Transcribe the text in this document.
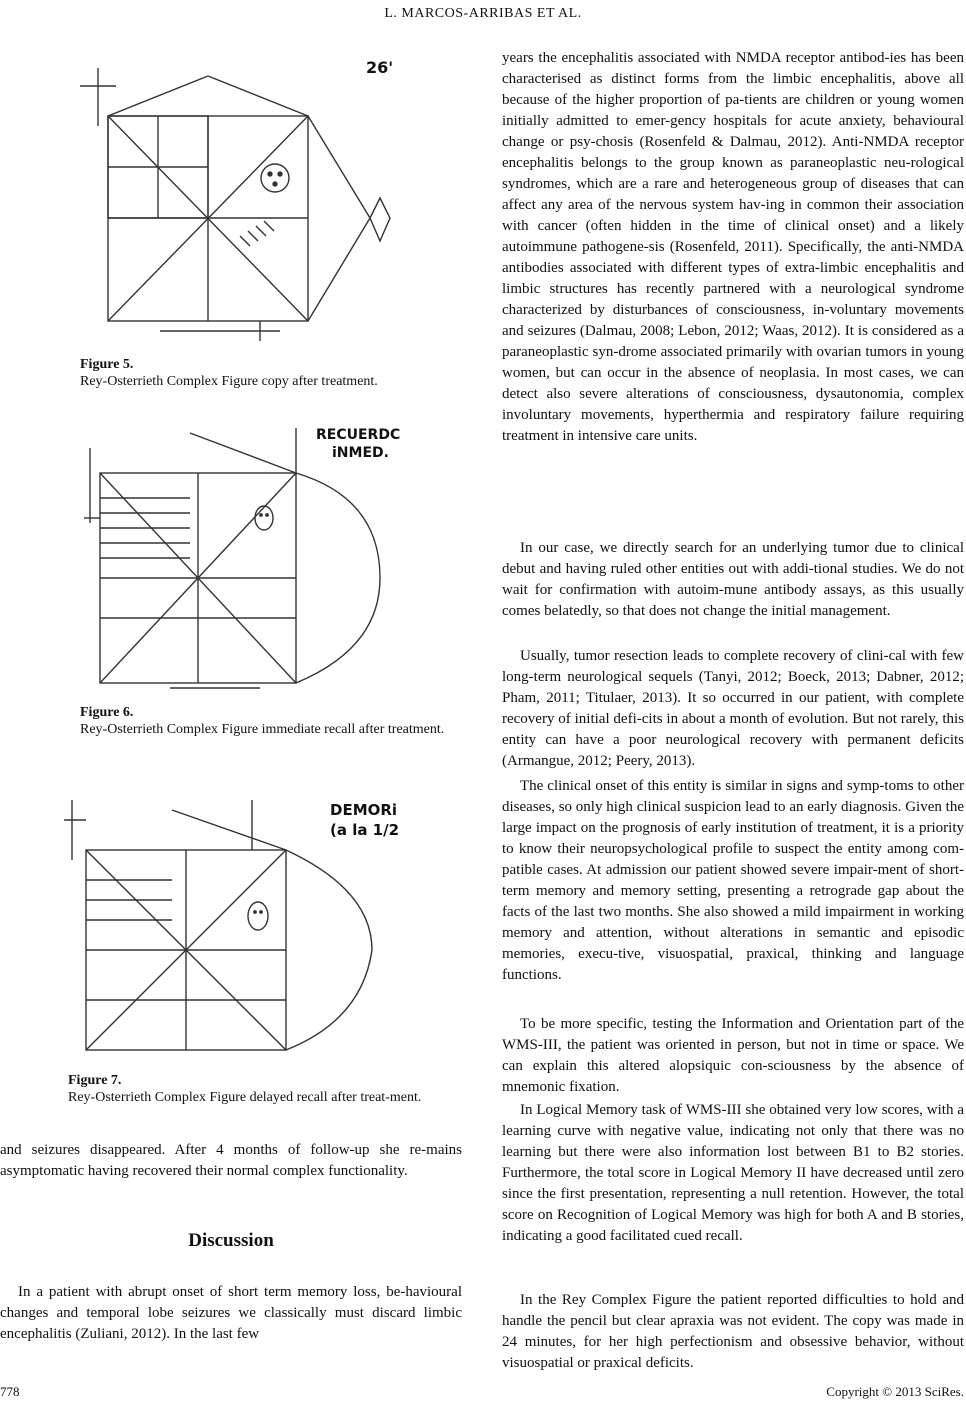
L. MARCOS-ARRIBAS ET AL.
26'
Figure 5.
Rey-Osterrieth Complex Figure copy after treatment.
RECUERDC
iNMED.
Figure 6.
Rey-Osterrieth Complex Figure immediate recall after treatment.
DEMORi
(a la 1/2
Figure 7.
Rey-Osterrieth Complex Figure delayed recall after treat-ment.

and seizures disappeared. After 4 months of follow-up she re-mains asymptomatic having recovered their normal complex functionality.

Discussion

In a patient with abrupt onset of short term memory loss, be-havioural changes and temporal lobe seizures we classically must discard limbic encephalitis (Zuliani, 2012). In the last few

years the encephalitis associated with NMDA receptor antibod-ies has been characterised as distinct forms from the limbic encephalitis, above all because of the higher proportion of pa-tients are children or young women initially admitted to emer-gency hospitals for acute anxiety, behavioural change or psy-chosis (Rosenfeld & Dalmau, 2012). Anti-NMDA receptor encephalitis belongs to the group known as paraneoplastic neu-rological syndromes, which are a rare and heterogeneous group of diseases that can affect any area of the nervous system hav-ing in common their association with cancer (often hidden in the time of clinical onset) and a likely autoimmune pathogene-sis (Rosenfeld, 2011). Specifically, the anti-NMDA antibodies associated with different types of extra-limbic encephalitis and limbic structures has recently partnered with a neurological syndrome characterized by disturbances of consciousness, in-voluntary movements and seizures (Dalmau, 2008; Lebon, 2012; Waas, 2012). It is considered as a paraneoplastic syn-drome associated primarily with ovarian tumors in young women, but can occur in the absence of neoplasia. In most cases, we can detect also severe alterations of consciousness, dysautonomia, complex involuntary movements, hyperthermia and respiratory failure requiring treatment in intensive care units.

In our case, we directly search for an underlying tumor due to clinical debut and having ruled other entities out with addi-tional studies. We do not wait for confirmation with autoim-mune antibody assays, as this usually comes belatedly, so that does not change the initial management.

Usually, tumor resection leads to complete recovery of clini-cal with few long-term neurological sequels (Tanyi, 2012; Boeck, 2013; Dabner, 2012; Pham, 2011; Titulaer, 2013). It so occurred in our patient, with complete recovery of initial defi-cits in about a month of evolution. But not rarely, this entity can have a poor neurological recovery with permanent deficits (Armangue, 2012; Peery, 2013).

The clinical onset of this entity is similar in signs and symp-toms to other diseases, so only high clinical suspicion lead to an early diagnosis. Given the large impact on the prognosis of early institution of treatment, it is a priority to know their neuropsychological profile to suspect the entity among com-patible cases. At admission our patient showed severe impair-ment of short-term memory and memory setting, presenting a retrograde gap about the facts of the last two months. She also showed a mild impairment in working memory and attention, without alterations in semantic and episodic memories, execu-tive, visuospatial, praxical, thinking and language functions.

To be more specific, testing the Information and Orientation part of the WMS-III, the patient was oriented in person, but not in time or space. We can explain this altered alopsiquic con-sciousness by the absence of mnemonic fixation.

In Logical Memory task of WMS-III she obtained very low scores, with a learning curve with negative value, indicating not only that there was no learning but there were also information lost between B1 to B2 stories. Furthermore, the total score in Logical Memory II have decreased until zero since the first presentation, representing a null retention. However, the total score on Recognition of Logical Memory was high for both A and B stories, indicating a good facilitated cued recall.

In the Rey Complex Figure the patient reported difficulties to hold and handle the pencil but clear apraxia was not evident. The copy was made in 24 minutes, for her high perfectionism and obsessive behavior, without visuospatial or praxical deficits.

778	Copyright © 2013 SciRes.
